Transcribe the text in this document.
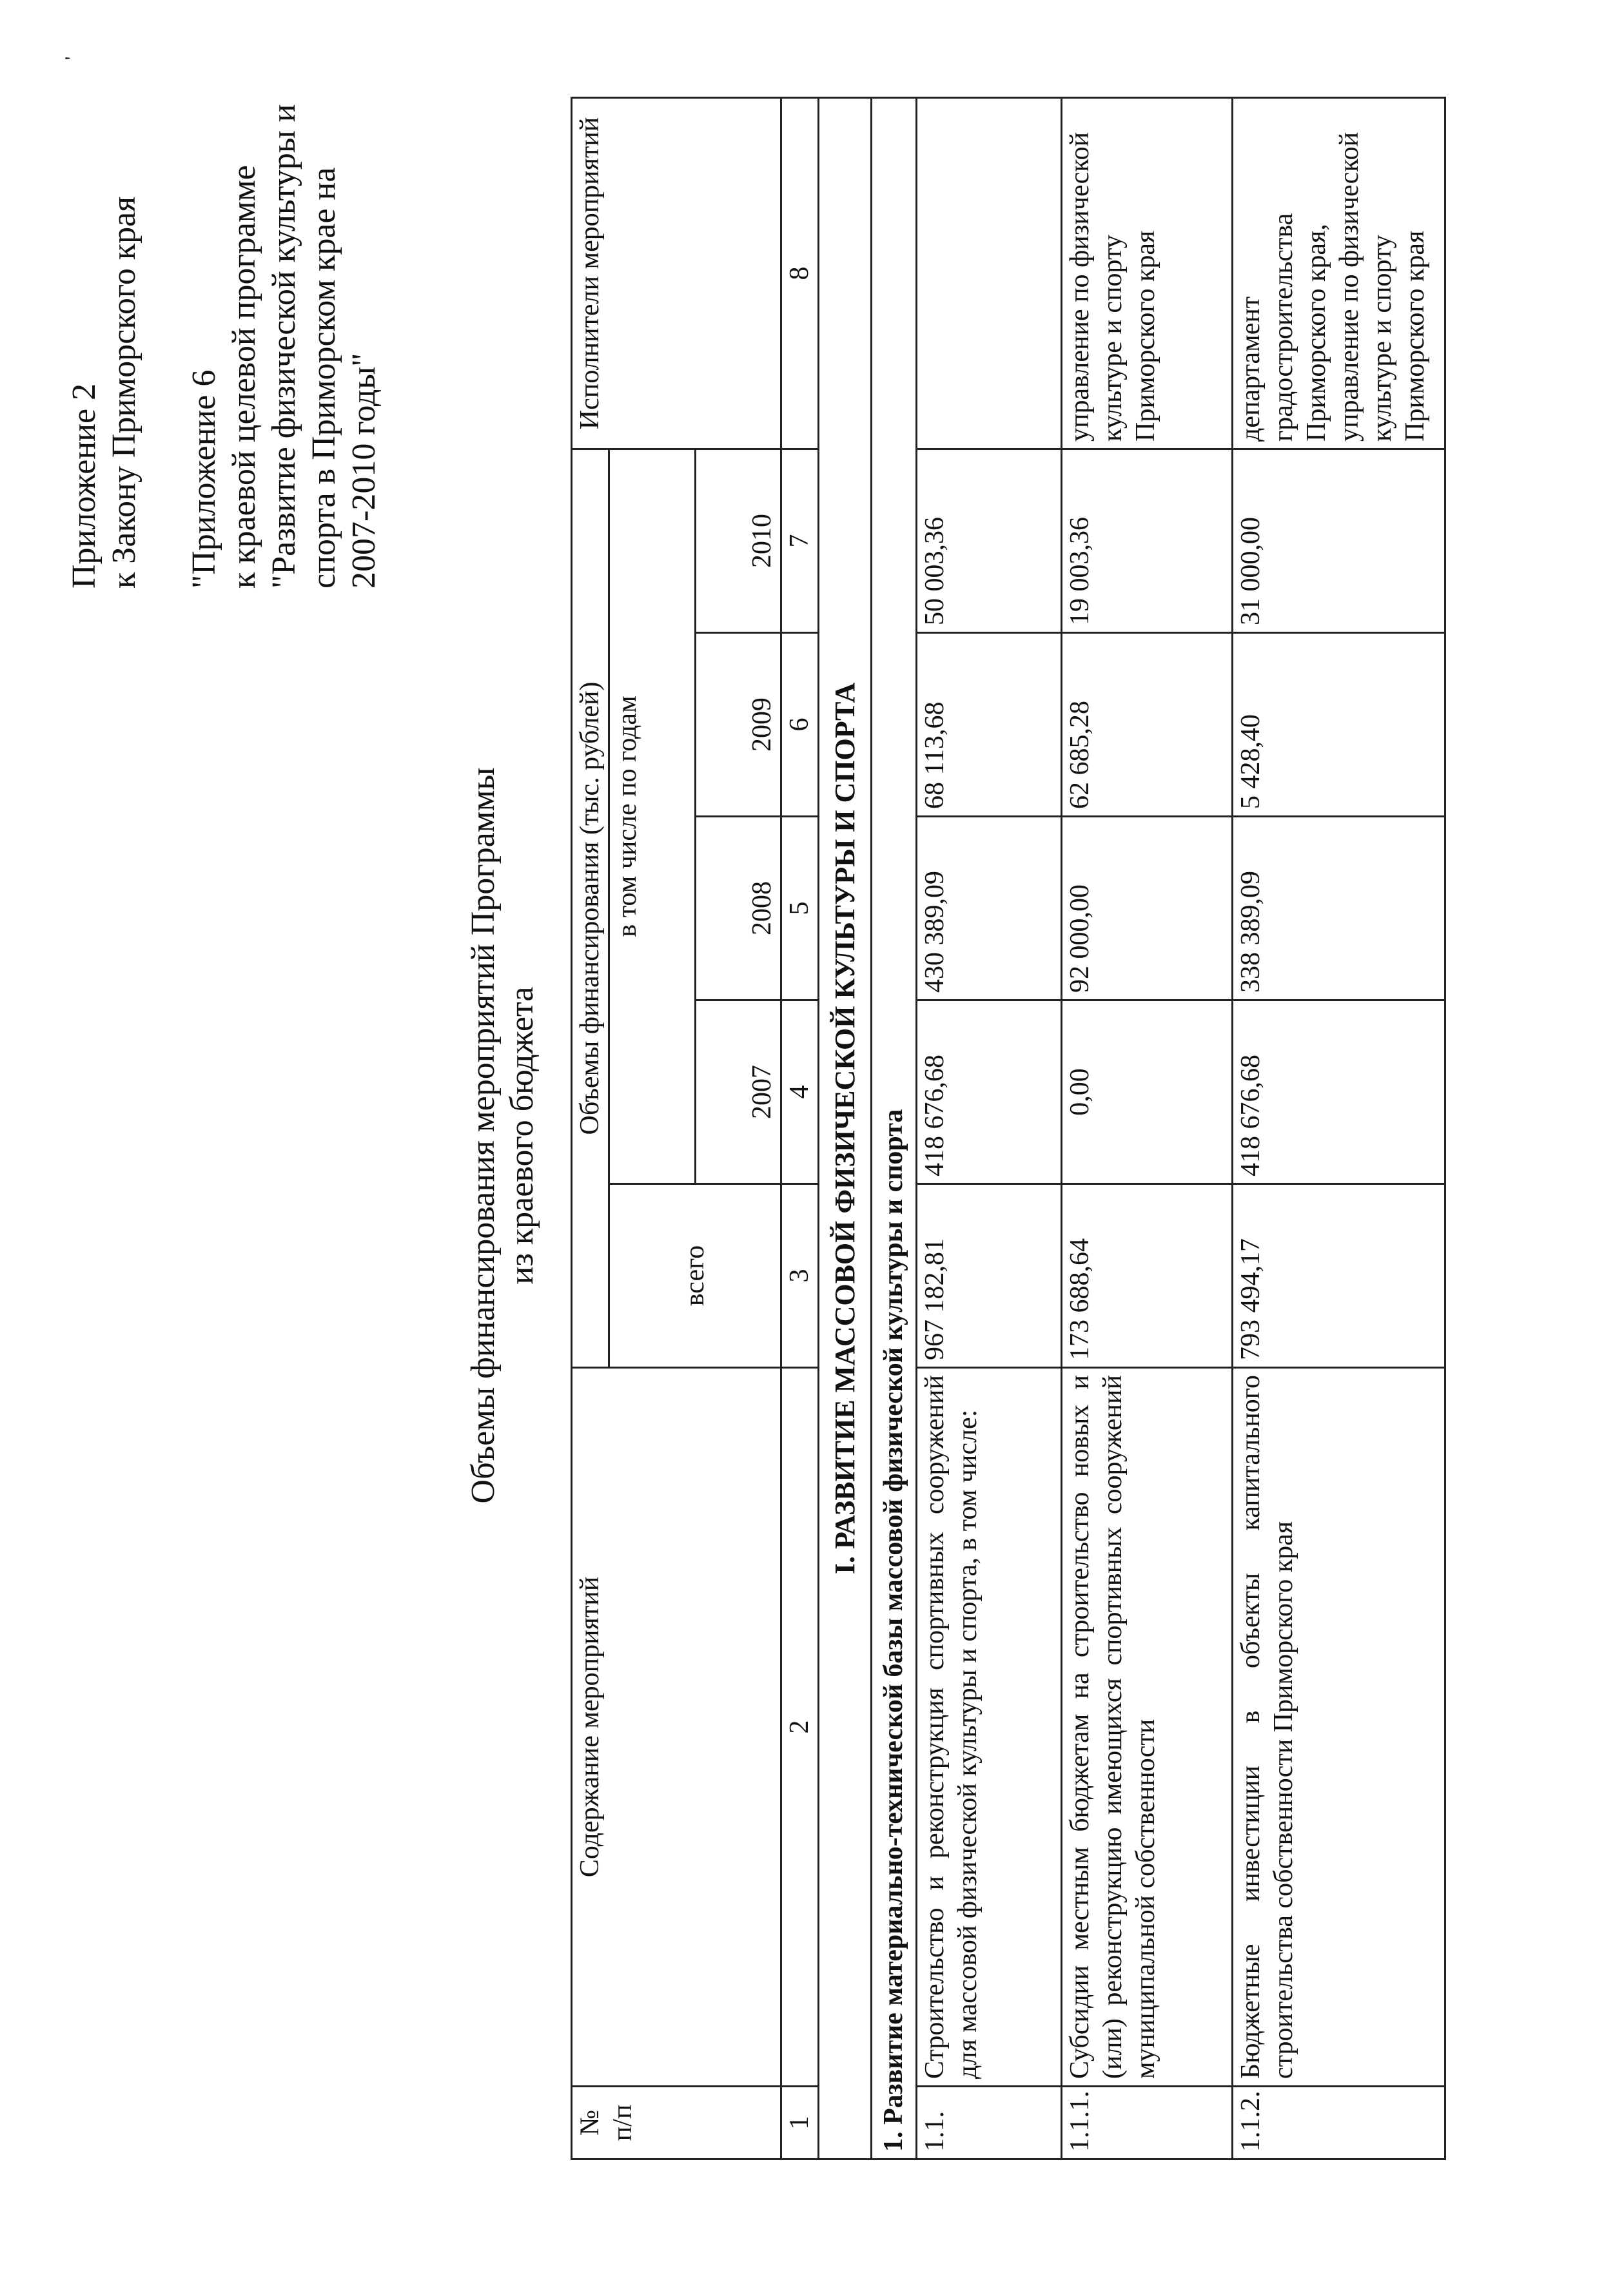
'
Приложение 2 к Закону Приморского края "Приложение 6 к краевой целевой программе "Развитие физической культуры и спорта в Приморском крае на 2007-2010 годы"
Объемы финансирования мероприятий Программы из краевого бюджета
№ п/п	Содержание мероприятий	Объемы финансирования (тыс. рублей)					Исполнители мероприятий
		всего	в том числе по годам				
			2007	2008	2009	2010	
1	2	3	4	5	6	7	8
I. РАЗВИТИЕ МАССОВОЙ ФИЗИЧЕСКОЙ КУЛЬТУРЫ И СПОРТА							
1. Развитие материально-технической базы массовой физической культуры и спорта							
1.1.	Строительство и реконструкция спортивных сооружений для массовой физической культуры и спорта, в том числе:	967 182,81	418 676,68	430 389,09	68 113,68	50 003,36	
1.1.1.	Субсидии местным бюджетам на строительство новых и (или) реконструкцию имеющихся спортивных сооружений муниципальной собственности	173 688,64	0,00	92 000,00	62 685,28	19 003,36	управление по физической культуре и спорту Приморского края
1.1.2.	Бюджетные инвестиции в объекты капитального строительства собственности Приморского края	793 494,17	418 676,68	338 389,09	5 428,40	31 000,00	департамент градостроительства Приморского края, управление по физической культуре и спорту Приморского края
